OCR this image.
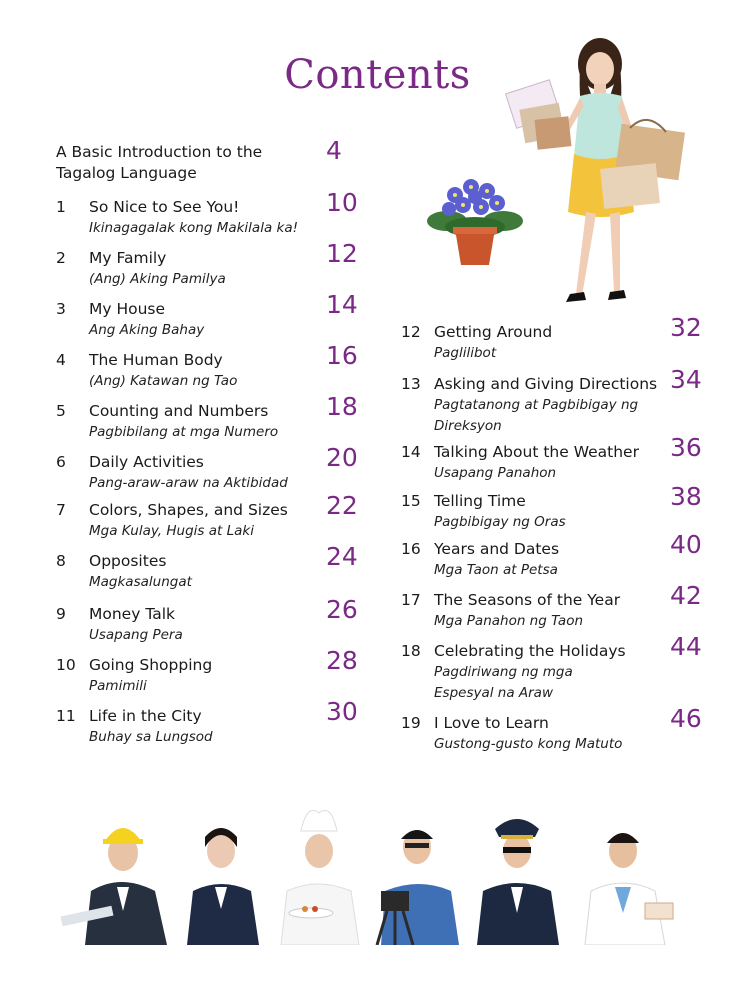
Contents
A Basic Introduction to the
Tagalog Language
4
1 So Nice to See You!
Ikinagagalak kong Makilala ka!
10
2 My Family
(Ang) Aking Pamilya
12
3 My House
Ang Aking Bahay
14
4 The Human Body
(Ang) Katawan ng Tao
16
5 Counting and Numbers
Pagbibilang at mga Numero
18
6 Daily Activities
Pang-araw-araw na Aktibidad
20
7 Colors, Shapes, and Sizes
Mga Kulay, Hugis at Laki
22
8 Opposites
Magkasalungat
24
9 Money Talk
Usapang Pera
26
10 Going Shopping
Pamimili
28
11 Life in the City
Buhay sa Lungsod
30
12 Getting Around
Paglilibot
32
13 Asking and Giving Directions
Pagtatanong at Pagbibigay ng
Direksyon
34
14 Talking About the Weather
Usapang Panahon
36
15 Telling Time
Pagbibigay ng Oras
38
16 Years and Dates
Mga Taon at Petsa
40
17 The Seasons of the Year
Mga Panahon ng Taon
42
18 Celebrating the Holidays
Pagdiriwang ng mga
Espesyal na Araw
44
19 I Love to Learn
Gustong-gusto kong Matuto
46
